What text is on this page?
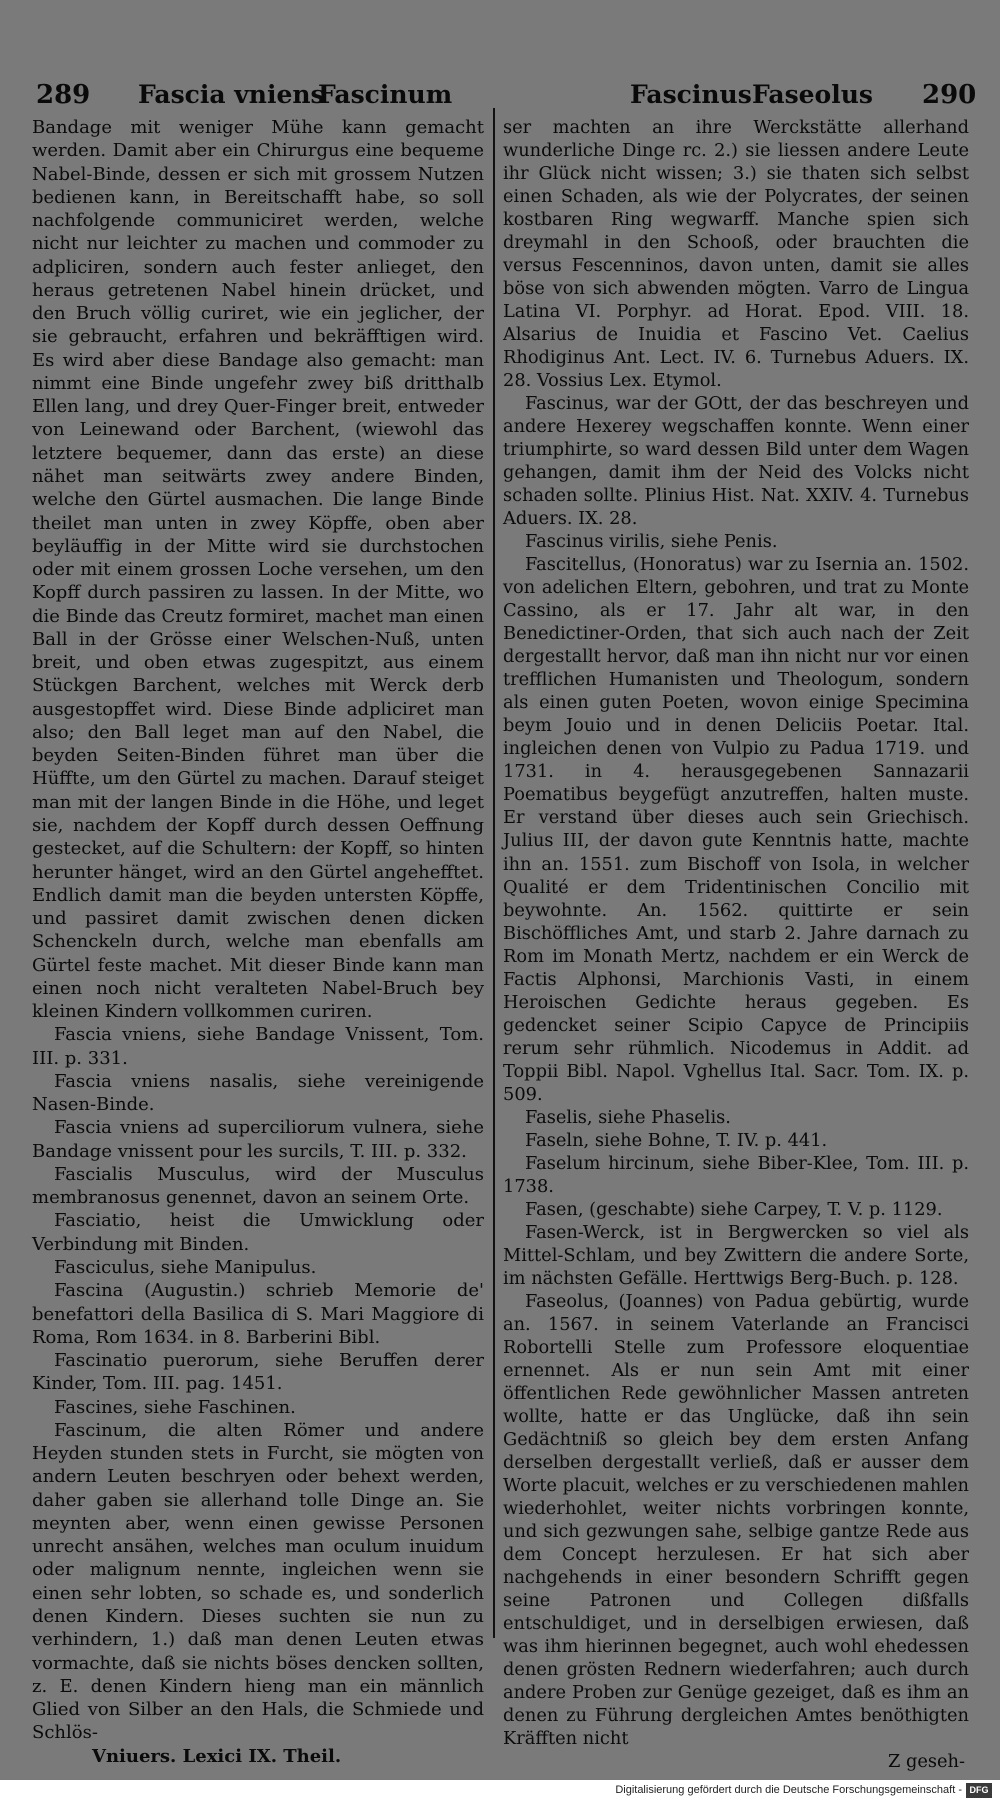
289 Fascia vniens
Fascinum	Fascinus Faseolus 290

Bandage mit weniger Mühe kann gemacht werden. Damit aber ein Chirurgus eine bequeme Nabel-Binde, dessen er sich mit grossem Nutzen bedienen kann, in Bereitschafft habe, so soll nachfolgende communiciret werden, welche nicht nur leichter zu machen und commoder zu adpliciren, sondern auch fester anlieget, den heraus getretenen Nabel hinein drücket, und den Bruch völlig curiret, wie ein jeglicher, der sie gebraucht, erfahren und bekräfftigen wird. Es wird aber diese Bandage also gemacht: man nimmt eine Binde ungefehr zwey biß dritthalb Ellen lang, und drey Quer-Finger breit, entweder von Leinewand oder Barchent, (wiewohl das letztere bequemer, dann das erste) an diese nähet man seitwärts zwey andere Binden, welche den Gürtel ausmachen. Die lange Binde theilet man unten in zwey Köpffe, oben aber beyläuffig in der Mitte wird sie durchstochen oder mit einem grossen Loche versehen, um den Kopff durch passiren zu lassen. In der Mitte, wo die Binde das Creutz formiret, machet man einen Ball in der Grösse einer Welschen-Nuß, unten breit, und oben etwas zugespitzt, aus einem Stückgen Barchent, welches mit Werck derb ausgestopffet wird. Diese Binde adpliciret man also; den Ball leget man auf den Nabel, die beyden Seiten-Binden führet man über die Hüffte, um den Gürtel zu machen. Darauf steiget man mit der langen Binde in die Höhe, und leget sie, nachdem der Kopff durch dessen Oeffnung gestecket, auf die Schultern: der Kopff, so hinten herunter hänget, wird an den Gürtel angehefftet. Endlich damit man die beyden untersten Köpffe, und passiret damit zwischen denen dicken Schenckeln durch, welche man ebenfalls am Gürtel feste machet. Mit dieser Binde kann man einen noch nicht veralteten Nabel-Bruch bey kleinen Kindern vollkommen curiren.

Fascia vniens, siehe Bandage Vnissent, Tom. III. p. 331.

Fascia vniens nasalis, siehe vereinigende Nasen-Binde.

Fascia vniens ad superciliorum vulnera, siehe Bandage vnissent pour les surcils, T. III. p. 332.

Fascialis Musculus, wird der Musculus membranosus genennet, davon an seinem Orte.

Fasciatio, heist die Umwicklung oder Verbindung mit Binden.

Fasciculus, siehe Manipulus.

Fascina (Augustin.) schrieb Memorie de' benefattori della Basilica di S. Mari Maggiore di Roma, Rom 1634. in 8. Barberini Bibl.

Fascinatio puerorum, siehe Beruffen derer Kinder, Tom. III. pag. 1451.

Fascines, siehe Faschinen.

Fascinum, die alten Römer und andere Heyden stunden stets in Furcht, sie mögten von andern Leuten beschryen oder behext werden, daher gaben sie allerhand tolle Dinge an. Sie meynten aber, wenn einen gewisse Personen unrecht ansähen, welches man oculum inuidum oder malignum nennte, ingleichen wenn sie einen sehr lobten, so schade es, und sonderlich denen Kindern. Dieses suchten sie nun zu verhindern, 1.) daß man denen Leuten etwas vormachte, daß sie nichts böses dencken sollten, z. E. denen Kindern hieng man ein männlich Glied von Silber an den Hals, die Schmiede und Schlös-

Vniuers. Lexici IX. Theil.

ser machten an ihre Werckstätte allerhand wunderliche Dinge rc. 2.) sie liessen andere Leute ihr Glück nicht wissen; 3.) sie thaten sich selbst einen Schaden, als wie der Polycrates, der seinen kostbaren Ring wegwarff. Manche spien sich dreymahl in den Schooß, oder brauchten die versus Fescenninos, davon unten, damit sie alles böse von sich abwenden mögten. Varro de Lingua Latina VI. Porphyr. ad Horat. Epod. VIII. 18. Alsarius de Inuidia et Fascino Vet. Caelius Rhodiginus Ant. Lect. IV. 6. Turnebus Aduers. IX. 28. Vossius Lex. Etymol.

Fascinus, war der GOtt, der das beschreyen und andere Hexerey wegschaffen konnte. Wenn einer triumphirte, so ward dessen Bild unter dem Wagen gehangen, damit ihm der Neid des Volcks nicht schaden sollte. Plinius Hist. Nat. XXIV. 4. Turnebus Aduers. IX. 28.

Fascinus virilis, siehe Penis.

Fascitellus, (Honoratus) war zu Isernia an. 1502. von adelichen Eltern, gebohren, und trat zu Monte Cassino, als er 17. Jahr alt war, in den Benedictiner-Orden, that sich auch nach der Zeit dergestallt hervor, daß man ihn nicht nur vor einen trefflichen Humanisten und Theologum, sondern als einen guten Poeten, wovon einige Specimina beym Jouio und in denen Deliciis Poetar. Ital. ingleichen denen von Vulpio zu Padua 1719. und 1731. in 4. herausgegebenen Sannazarii Poematibus beygefügt anzutreffen, halten muste. Er verstand über dieses auch sein Griechisch. Julius III, der davon gute Kenntnis hatte, machte ihn an. 1551. zum Bischoff von Isola, in welcher Qualité er dem Tridentinischen Concilio mit beywohnte. An. 1562. quittirte er sein Bischöffliches Amt, und starb 2. Jahre darnach zu Rom im Monath Mertz, nachdem er ein Werck de Factis Alphonsi, Marchionis Vasti, in einem Heroischen Gedichte heraus gegeben. Es gedencket seiner Scipio Capyce de Principiis rerum sehr rühmlich. Nicodemus in Addit. ad Toppii Bibl. Napol. Vghellus Ital. Sacr. Tom. IX. p. 509.

Faselis, siehe Phaselis.

Faseln, siehe Bohne, T. IV. p. 441.

Faselum hircinum, siehe Biber-Klee, Tom. III. p. 1738.

Fasen, (geschabte) siehe Carpey, T. V. p. 1129.

Fasen-Werck, ist in Bergwercken so viel als Mittel-Schlam, und bey Zwittern die andere Sorte, im nächsten Gefälle. Herttwigs Berg-Buch. p. 128.

Faseolus, (Joannes) von Padua gebürtig, wurde an. 1567. in seinem Vaterlande an Francisci Robortelli Stelle zum Professore eloquentiae ernennet. Als er nun sein Amt mit einer öffentlichen Rede gewöhnlicher Massen antreten wollte, hatte er das Unglücke, daß ihn sein Gedächtniß so gleich bey dem ersten Anfang derselben dergestallt verließ, daß er ausser dem Worte placuit, welches er zu verschiedenen mahlen wiederhohlet, weiter nichts vorbringen konnte, und sich gezwungen sahe, selbige gantze Rede aus dem Concept herzulesen. Er hat sich aber nachgehends in einer besondern Schrifft gegen seine Patronen und Collegen dißfalls entschuldiget, und in derselbigen erwiesen, daß was ihm hierinnen begegnet, auch wohl ehedessen denen grösten Rednern wiederfahren; auch durch andere Proben zur Genüge gezeiget, daß es ihm an denen zu Führung dergleichen Amtes benöthigten Kräfften nicht

Z geseh-

Digitalisierung gefördert durch die Deutsche Forschungsgemeinschaft - DFG
